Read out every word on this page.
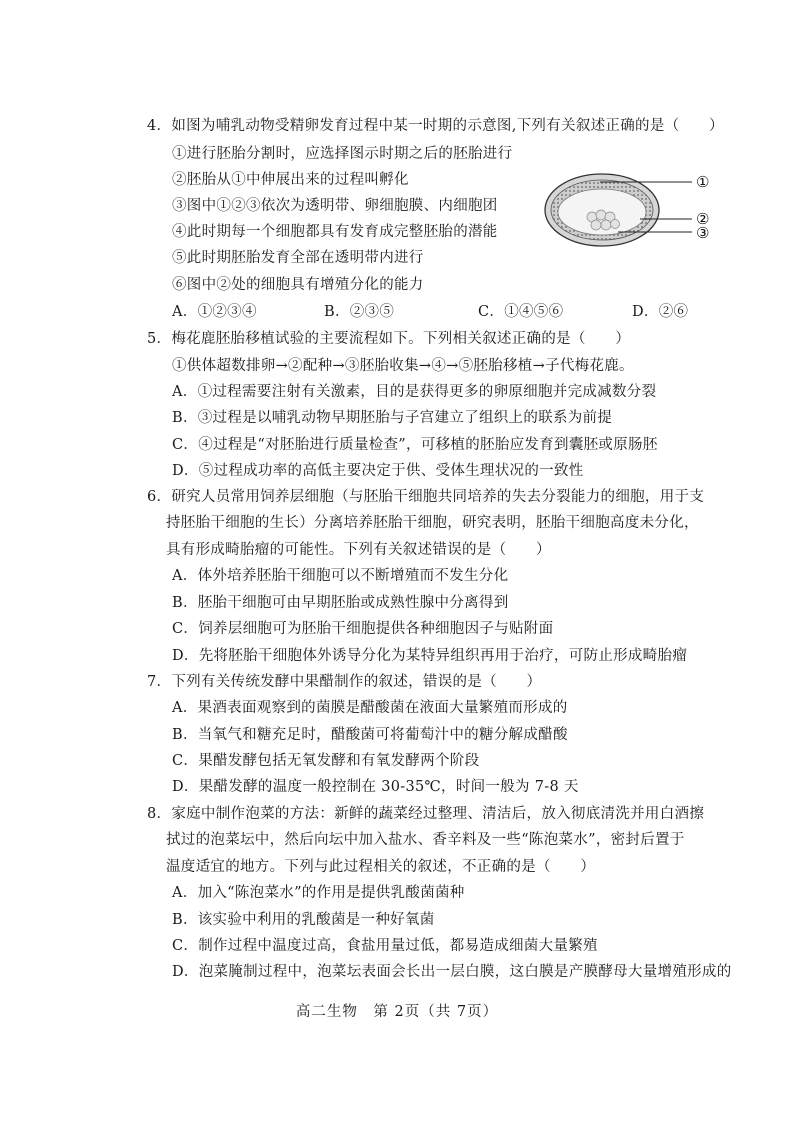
4．如图为哺乳动物受精卵发育过程中某一时期的示意图,下列有关叙述正确的是（　　）
①进行胚胎分割时，应选择图示时期之后的胚胎进行
②胚胎从①中伸展出来的过程叫孵化
③图中①②③依次为透明带、卵细胞膜、内细胞团
④此时期每一个细胞都具有发育成完整胚胎的潜能
⑤此时期胚胎发育全部在透明带内进行
⑥图中②处的细胞具有增殖分化的能力
A．①②③④	B．②③⑤	C．①④⑤⑥	D．②⑥
①
②
③
5．梅花鹿胚胎移植试验的主要流程如下。下列相关叙述正确的是（　　）
①供体超数排卵→②配种→③胚胎收集→④→⑤胚胎移植→子代梅花鹿。
A．①过程需要注射有关激素，目的是获得更多的卵原细胞并完成减数分裂
B．③过程是以哺乳动物早期胚胎与子宫建立了组织上的联系为前提
C．④过程是“对胚胎进行质量检查”，可移植的胚胎应发育到囊胚或原肠胚
D．⑤过程成功率的高低主要决定于供、受体生理状况的一致性
6．研究人员常用饲养层细胞（与胚胎干细胞共同培养的失去分裂能力的细胞，用于支
持胚胎干细胞的生长）分离培养胚胎干细胞，研究表明，胚胎干细胞高度未分化，
具有形成畸胎瘤的可能性。下列有关叙述错误的是（　　）
A．体外培养胚胎干细胞可以不断增殖而不发生分化
B．胚胎干细胞可由早期胚胎或成熟性腺中分离得到
C．饲养层细胞可为胚胎干细胞提供各种细胞因子与贴附面
D．先将胚胎干细胞体外诱导分化为某特异组织再用于治疗，可防止形成畸胎瘤
7．下列有关传统发酵中果醋制作的叙述，错误的是（　　）
A．果酒表面观察到的菌膜是醋酸菌在液面大量繁殖而形成的
B．当氧气和糖充足时，醋酸菌可将葡萄汁中的糖分解成醋酸
C．果醋发酵包括无氧发酵和有氧发酵两个阶段
D．果醋发酵的温度一般控制在 30-35℃，时间一般为 7-8 天
8．家庭中制作泡菜的方法：新鲜的蔬菜经过整理、清洁后，放入彻底清洗并用白酒擦
拭过的泡菜坛中，然后向坛中加入盐水、香辛料及一些“陈泡菜水”，密封后置于
温度适宜的地方。下列与此过程相关的叙述，不正确的是（　　）
A．加入“陈泡菜水”的作用是提供乳酸菌菌种
B．该实验中利用的乳酸菌是一种好氧菌
C．制作过程中温度过高，食盐用量过低，都易造成细菌大量繁殖
D．泡菜腌制过程中，泡菜坛表面会长出一层白膜，这白膜是产膜酵母大量增殖形成的
高二生物　第 2页（共 7页）
